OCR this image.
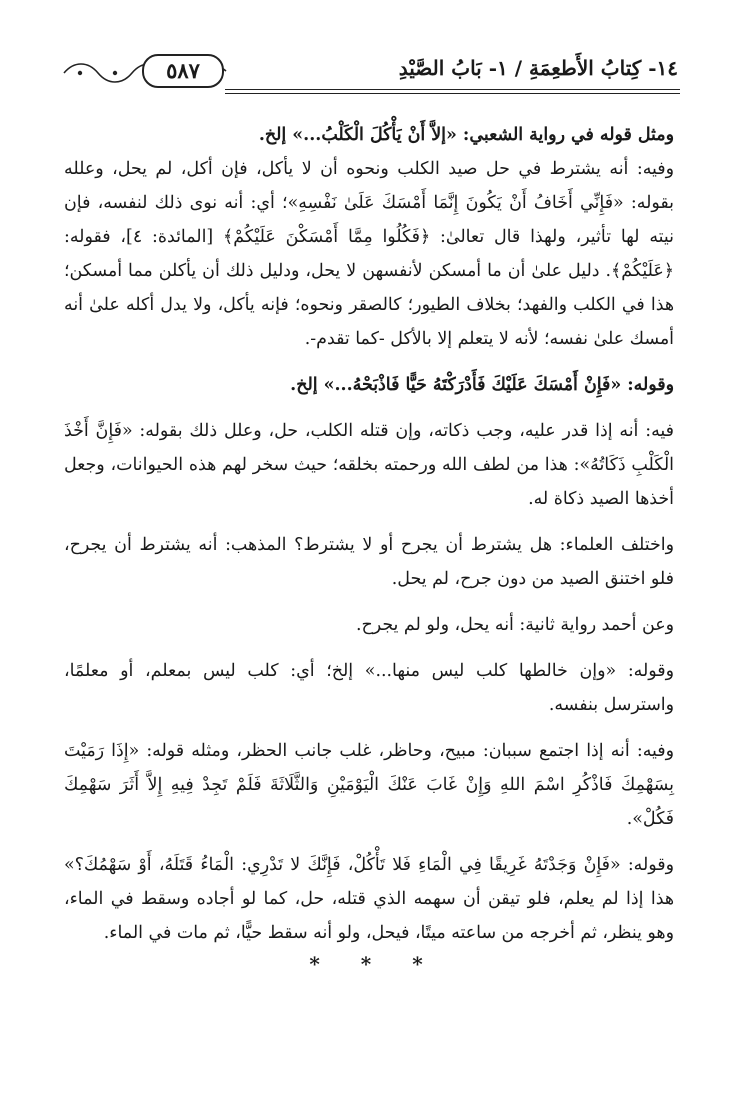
١٤- كِتابُ الأَطعِمَةِ / ١- بَابُ الصَّيْدِ
٥٨٧

ومثل قوله في رواية الشعبي: «إلاَّ أَنْ يَأْكُلَ الْكَلْبُ...» إلخ.

وفيه: أنه يشترط في حل صيد الكلب ونحوه أن لا يأكل، فإن أكل، لم يحل، وعلله بقوله: «فَإِنِّي أَخَافُ أَنْ يَكُونَ إِنَّمَا أَمْسَكَ عَلَىٰ نَفْسِهِ»؛ أي: أنه نوى ذلك لنفسه، فإن نيته لها تأثير، ولهذا قال تعالىٰ: ﴿فَكُلُوا مِمَّا أَمْسَكْنَ عَلَيْكُمْ﴾ [المائدة: ٤]، فقوله: ﴿عَلَيْكُمْ﴾. دليل علىٰ أن ما أمسكن لأنفسهن لا يحل، ودليل ذلك أن يأكلن مما أمسكن؛ هذا في الكلب والفهد؛ بخلاف الطيور؛ كالصقر ونحوه؛ فإنه يأكل، ولا يدل أكله علىٰ أنه أمسك علىٰ نفسه؛ لأنه لا يتعلم إلا بالأكل -كما تقدم-.

وقوله: «فَإِنْ أَمْسَكَ عَلَيْكَ فَأَدْرَكْتَهُ حَيًّا فَاذْبَحْهُ...» إلخ.

فيه: أنه إذا قدر عليه، وجب ذكاته، وإن قتله الكلب، حل، وعلل ذلك بقوله: «فَإِنَّ أَخْذَ الْكَلْبِ ذَكَاتُهُ»: هذا من لطف الله ورحمته بخلقه؛ حيث سخر لهم هذه الحيوانات، وجعل أخذها الصيد ذكاة له.

واختلف العلماء: هل يشترط أن يجرح أو لا يشترط؟ المذهب: أنه يشترط أن يجرح، فلو اختنق الصيد من دون جرح، لم يحل.

وعن أحمد رواية ثانية: أنه يحل، ولو لم يجرح.

وقوله: «وإن خالطها كلب ليس منها...» إلخ؛ أي: كلب ليس بمعلم، أو معلمًا، واسترسل بنفسه.

وفيه: أنه إذا اجتمع سببان: مبيح، وحاظر، غلب جانب الحظر، ومثله قوله: «إِذَا رَمَيْتَ بِسَهْمِكَ فَاذْكُرِ اسْمَ اللهِ وَإِنْ غَابَ عَنْكَ الْيَوْمَيْنِ وَالثَّلَاثَةَ فَلَمْ تَجِدْ فِيهِ إِلاَّ أَثَرَ سَهْمِكَ فَكُلْ».

وقوله: «فَإِنْ وَجَدْتَهُ غَرِيقًا فِي الْمَاءِ فَلا تَأْكُلْ، فَإِنَّكَ لا تَدْرِي: الْمَاءُ قَتَلَهُ، أَوْ سَهْمُكَ؟» هذا إذا لم يعلم، فلو تيقن أن سهمه الذي قتله، حل، كما لو أجاده وسقط في الماء، وهو ينظر، ثم أخرجه من ساعته ميتًا، فيحل، ولو أنه سقط حيًّا، ثم مات في الماء.

* * *
